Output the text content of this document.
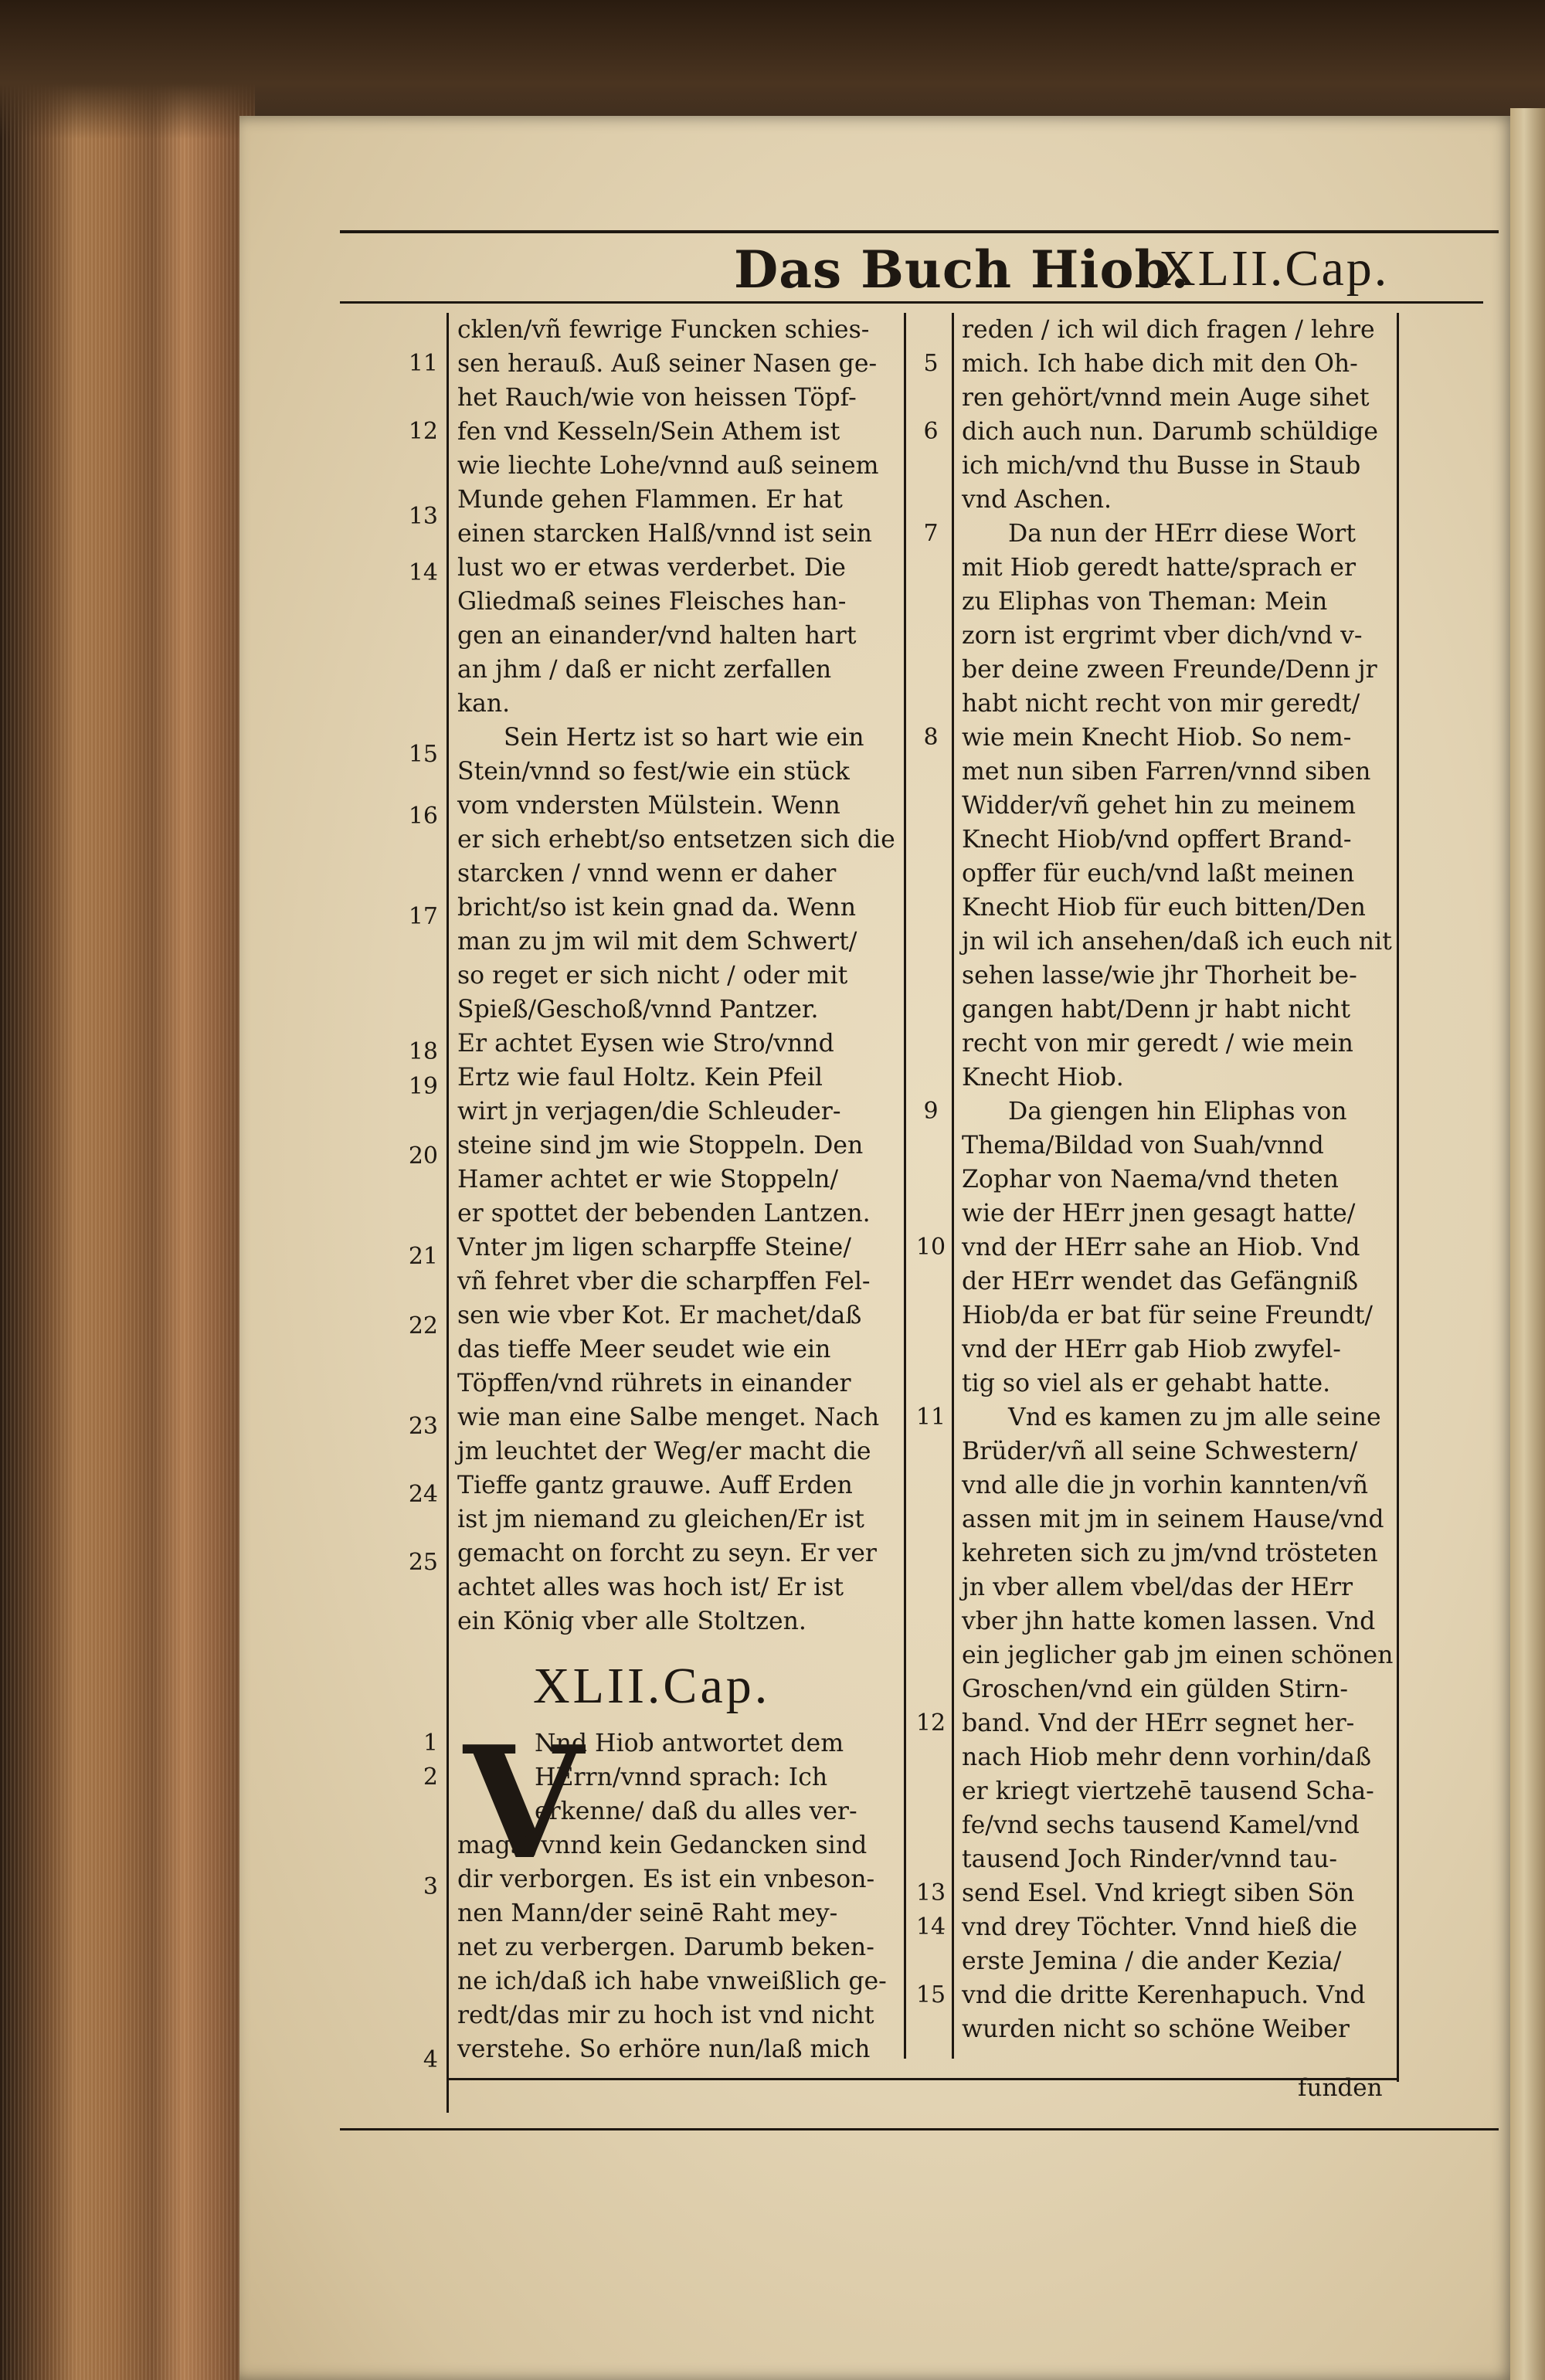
Das Buch Hiob.
XLII.Cap.
cklen/vñ fewrige Funcken schies-
sen herauß. Auß seiner Nasen ge-
het Rauch/wie von heissen Töpf-
fen vnd Kesseln/Sein Athem ist
wie liechte Lohe/vnnd auß seinem
Munde gehen Flammen. Er hat
einen starcken Halß/vnnd ist sein
lust wo er etwas verderbet. Die
Gliedmaß seines Fleisches han-
gen an einander/vnd halten hart
an jhm / daß er nicht zerfallen
kan.
Sein Hertz ist so hart wie ein
Stein/vnnd so fest/wie ein stück
vom vndersten Mülstein. Wenn
er sich erhebt/so entsetzen sich die
starcken / vnnd wenn er daher
bricht/so ist kein gnad da. Wenn
man zu jm wil mit dem Schwert/
so reget er sich nicht / oder mit
Spieß/Geschoß/vnnd Pantzer.
Er achtet Eysen wie Stro/vnnd
Ertz wie faul Holtz. Kein Pfeil
wirt jn verjagen/die Schleuder-
steine sind jm wie Stoppeln. Den
Hamer achtet er wie Stoppeln/
er spottet der bebenden Lantzen.
Vnter jm ligen scharpffe Steine/
vñ fehret vber die scharpffen Fel-
sen wie vber Kot. Er machet/daß
das tieffe Meer seudet wie ein
Töpffen/vnd rührets in einander
wie man eine Salbe menget. Nach
jm leuchtet der Weg/er macht die
Tieffe gantz grauwe. Auff Erden
ist jm niemand zu gleichen/Er ist
gemacht on forcht zu seyn. Er ver
achtet alles was hoch ist/ Er ist
ein König vber alle Stoltzen.
11
12
13
14
15
16
17
18
19
20
21
22
23
24
25
XLII.Cap.
V
Nnd Hiob antwortet dem
HErrn/vnnd sprach: Ich
erkenne/ daß du alles ver-
magst/vnnd kein Gedancken sind
dir verborgen. Es ist ein vnbeson-
nen Mann/der seinē Raht mey-
net zu verbergen. Darumb beken-
ne ich/daß ich habe vnweißlich ge-
redt/das mir zu hoch ist vnd nicht
verstehe. So erhöre nun/laß mich
1
2
3
4
reden / ich wil dich fragen / lehre
mich. Ich habe dich mit den Oh-
ren gehört/vnnd mein Auge sihet
dich auch nun. Darumb schüldige
ich mich/vnd thu Busse in Staub
vnd Aschen.
Da nun der HErr diese Wort
mit Hiob geredt hatte/sprach er
zu Eliphas von Theman: Mein
zorn ist ergrimt vber dich/vnd v-
ber deine zween Freunde/Denn jr
habt nicht recht von mir geredt/
wie mein Knecht Hiob. So nem-
met nun siben Farren/vnnd siben
Widder/vñ gehet hin zu meinem
Knecht Hiob/vnd opffert Brand-
opffer für euch/vnd laßt meinen
Knecht Hiob für euch bitten/Den
jn wil ich ansehen/daß ich euch nit
sehen lasse/wie jhr Thorheit be-
gangen habt/Denn jr habt nicht
recht von mir geredt / wie mein
Knecht Hiob.
Da giengen hin Eliphas von
Thema/Bildad von Suah/vnnd
Zophar von Naema/vnd theten
wie der HErr jnen gesagt hatte/
vnd der HErr sahe an Hiob. Vnd
der HErr wendet das Gefängniß
Hiob/da er bat für seine Freundt/
vnd der HErr gab Hiob zwyfel-
tig so viel als er gehabt hatte.
Vnd es kamen zu jm alle seine
Brüder/vñ all seine Schwestern/
vnd alle die jn vorhin kannten/vñ
assen mit jm in seinem Hause/vnd
kehreten sich zu jm/vnd trösteten
jn vber allem vbel/das der HErr
vber jhn hatte komen lassen. Vnd
ein jeglicher gab jm einen schönen
Groschen/vnd ein gülden Stirn-
band. Vnd der HErr segnet her-
nach Hiob mehr denn vorhin/daß
er kriegt viertzehē tausend Scha-
fe/vnd sechs tausend Kamel/vnd
tausend Joch Rinder/vnnd tau-
send Esel. Vnd kriegt siben Sön
vnd drey Töchter. Vnnd hieß die
erste Jemina / die ander Kezia/
vnd die dritte Kerenhapuch. Vnd
wurden nicht so schöne Weiber
5
6
7
8
9
10
11
12
13
14
15
funden
